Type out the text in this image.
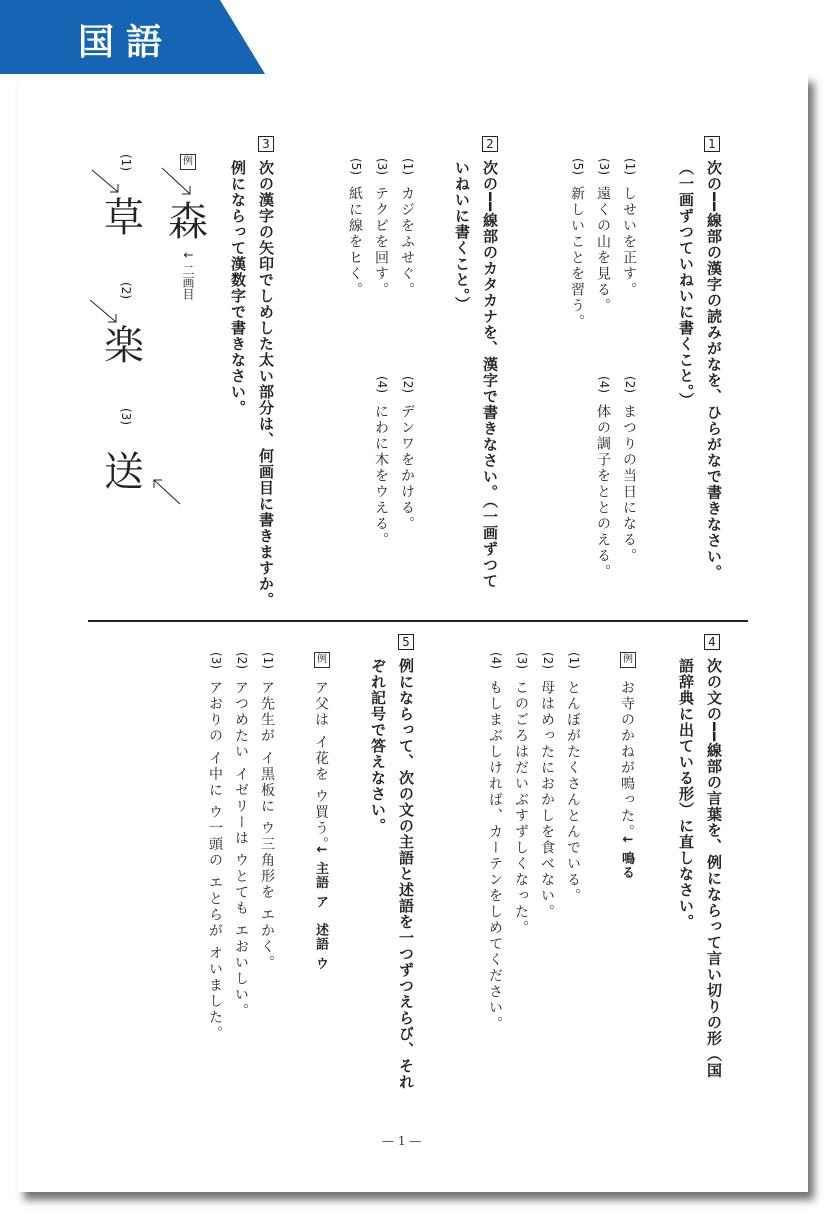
国語
1
次の━━線部の漢字の読みがなを、ひらがなで書きなさい。
（一画ずつていねいに書くこと。）
(1)
しせいを正す。
(3)
遠くの山を見る。
(5)
新しいことを習う。
(2)
まつりの当日になる。
(4)
体の調子をととのえる。
2
次の━━線部のカタカナを、漢字で書きなさい。（一画ずつて
いねいに書くこと。）
(1)
カジをふせぐ。
(3)
テクビを回す。
(5)
紙に線をヒく。
(2)
デンワをかける。
(4)
にわに木をウえる。
3
次の漢字の矢印でしめした太い部分は、何画目に書きますか。
例にならって漢数字で書きなさい。
例
森
↓ 二画目
(1)
草
(2)
楽
(3)
送
4
次の文の━━線部の言葉を、例にならって言い切りの形（国
語辞典に出ている形）に直しなさい。
例
お寺のかねが鳴った。
↓ 鳴る
(1)
とんぼがたくさんとんでいる。
(2)
母はめったにおかしを食べない。
(3)
このごろはだいぶすずしくなった。
(4)
もしまぶしければ、カーテンをしめてください。
5
例にならって、次の文の主語と述語を一つずつえらび、それ
ぞれ記号で答えなさい。
例
ア父は イ花を ウ買う。
↓ 主語 ア　述語 ウ
(1)
ア先生が イ黒板に ウ三角形を エかく。
(2)
アつめたい イゼリーは ウとても エおいしい。
(3)
アおりの イ中に ウ一頭の エとらが オいました。
— 1 —
